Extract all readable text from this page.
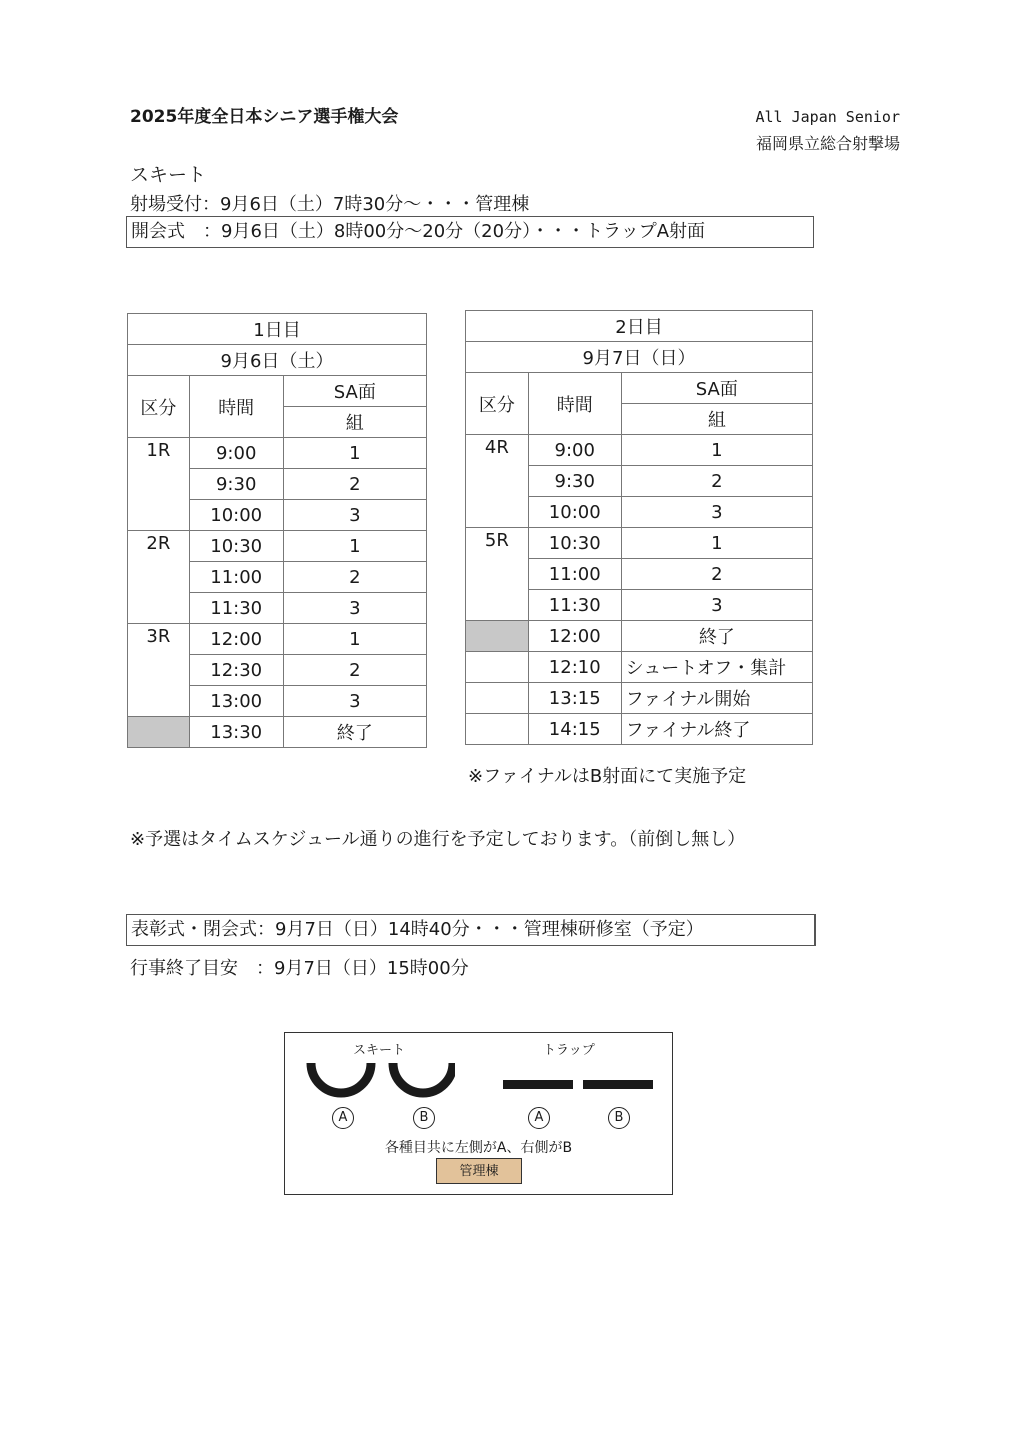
2025年度全日本シニア選手権大会	All Japan Senior
福岡県立総合射撃場
スキート
射場受付：9月6日（土）7時30分～・・・管理棟
開会式　：9月6日（土）8時00分～20分（20分）・・・トラップA射面
1日目		
9月6日（土）		
区分	時間	SA面
		組
1R	9:00	1
	9:30	2
	10:00	3
2R	10:30	1
	11:00	2
	11:30	3
3R	12:00	1
	12:30	2
	13:00	3
	13:30	終了
2日目		
9月7日（日）		
区分	時間	SA面
		組
4R	9:00	1
	9:30	2
	10:00	3
5R	10:30	1
	11:00	2
	11:30	3
	12:00	終了
	12:10	シュートオフ・集計
	13:15	ファイナル開始
	14:15	ファイナル終了
※ファイナルはB射面にて実施予定
※予選はタイムスケジュール通りの進行を予定しております。（前倒し無し）
表彰式・閉会式：9月7日（日）14時40分・・・管理棟研修室（予定）
行事終了目安　：9月7日（日）15時00分
スキート	トラップ
A	B	A	B
各種目共に左側がA、右側がB
管理棟
